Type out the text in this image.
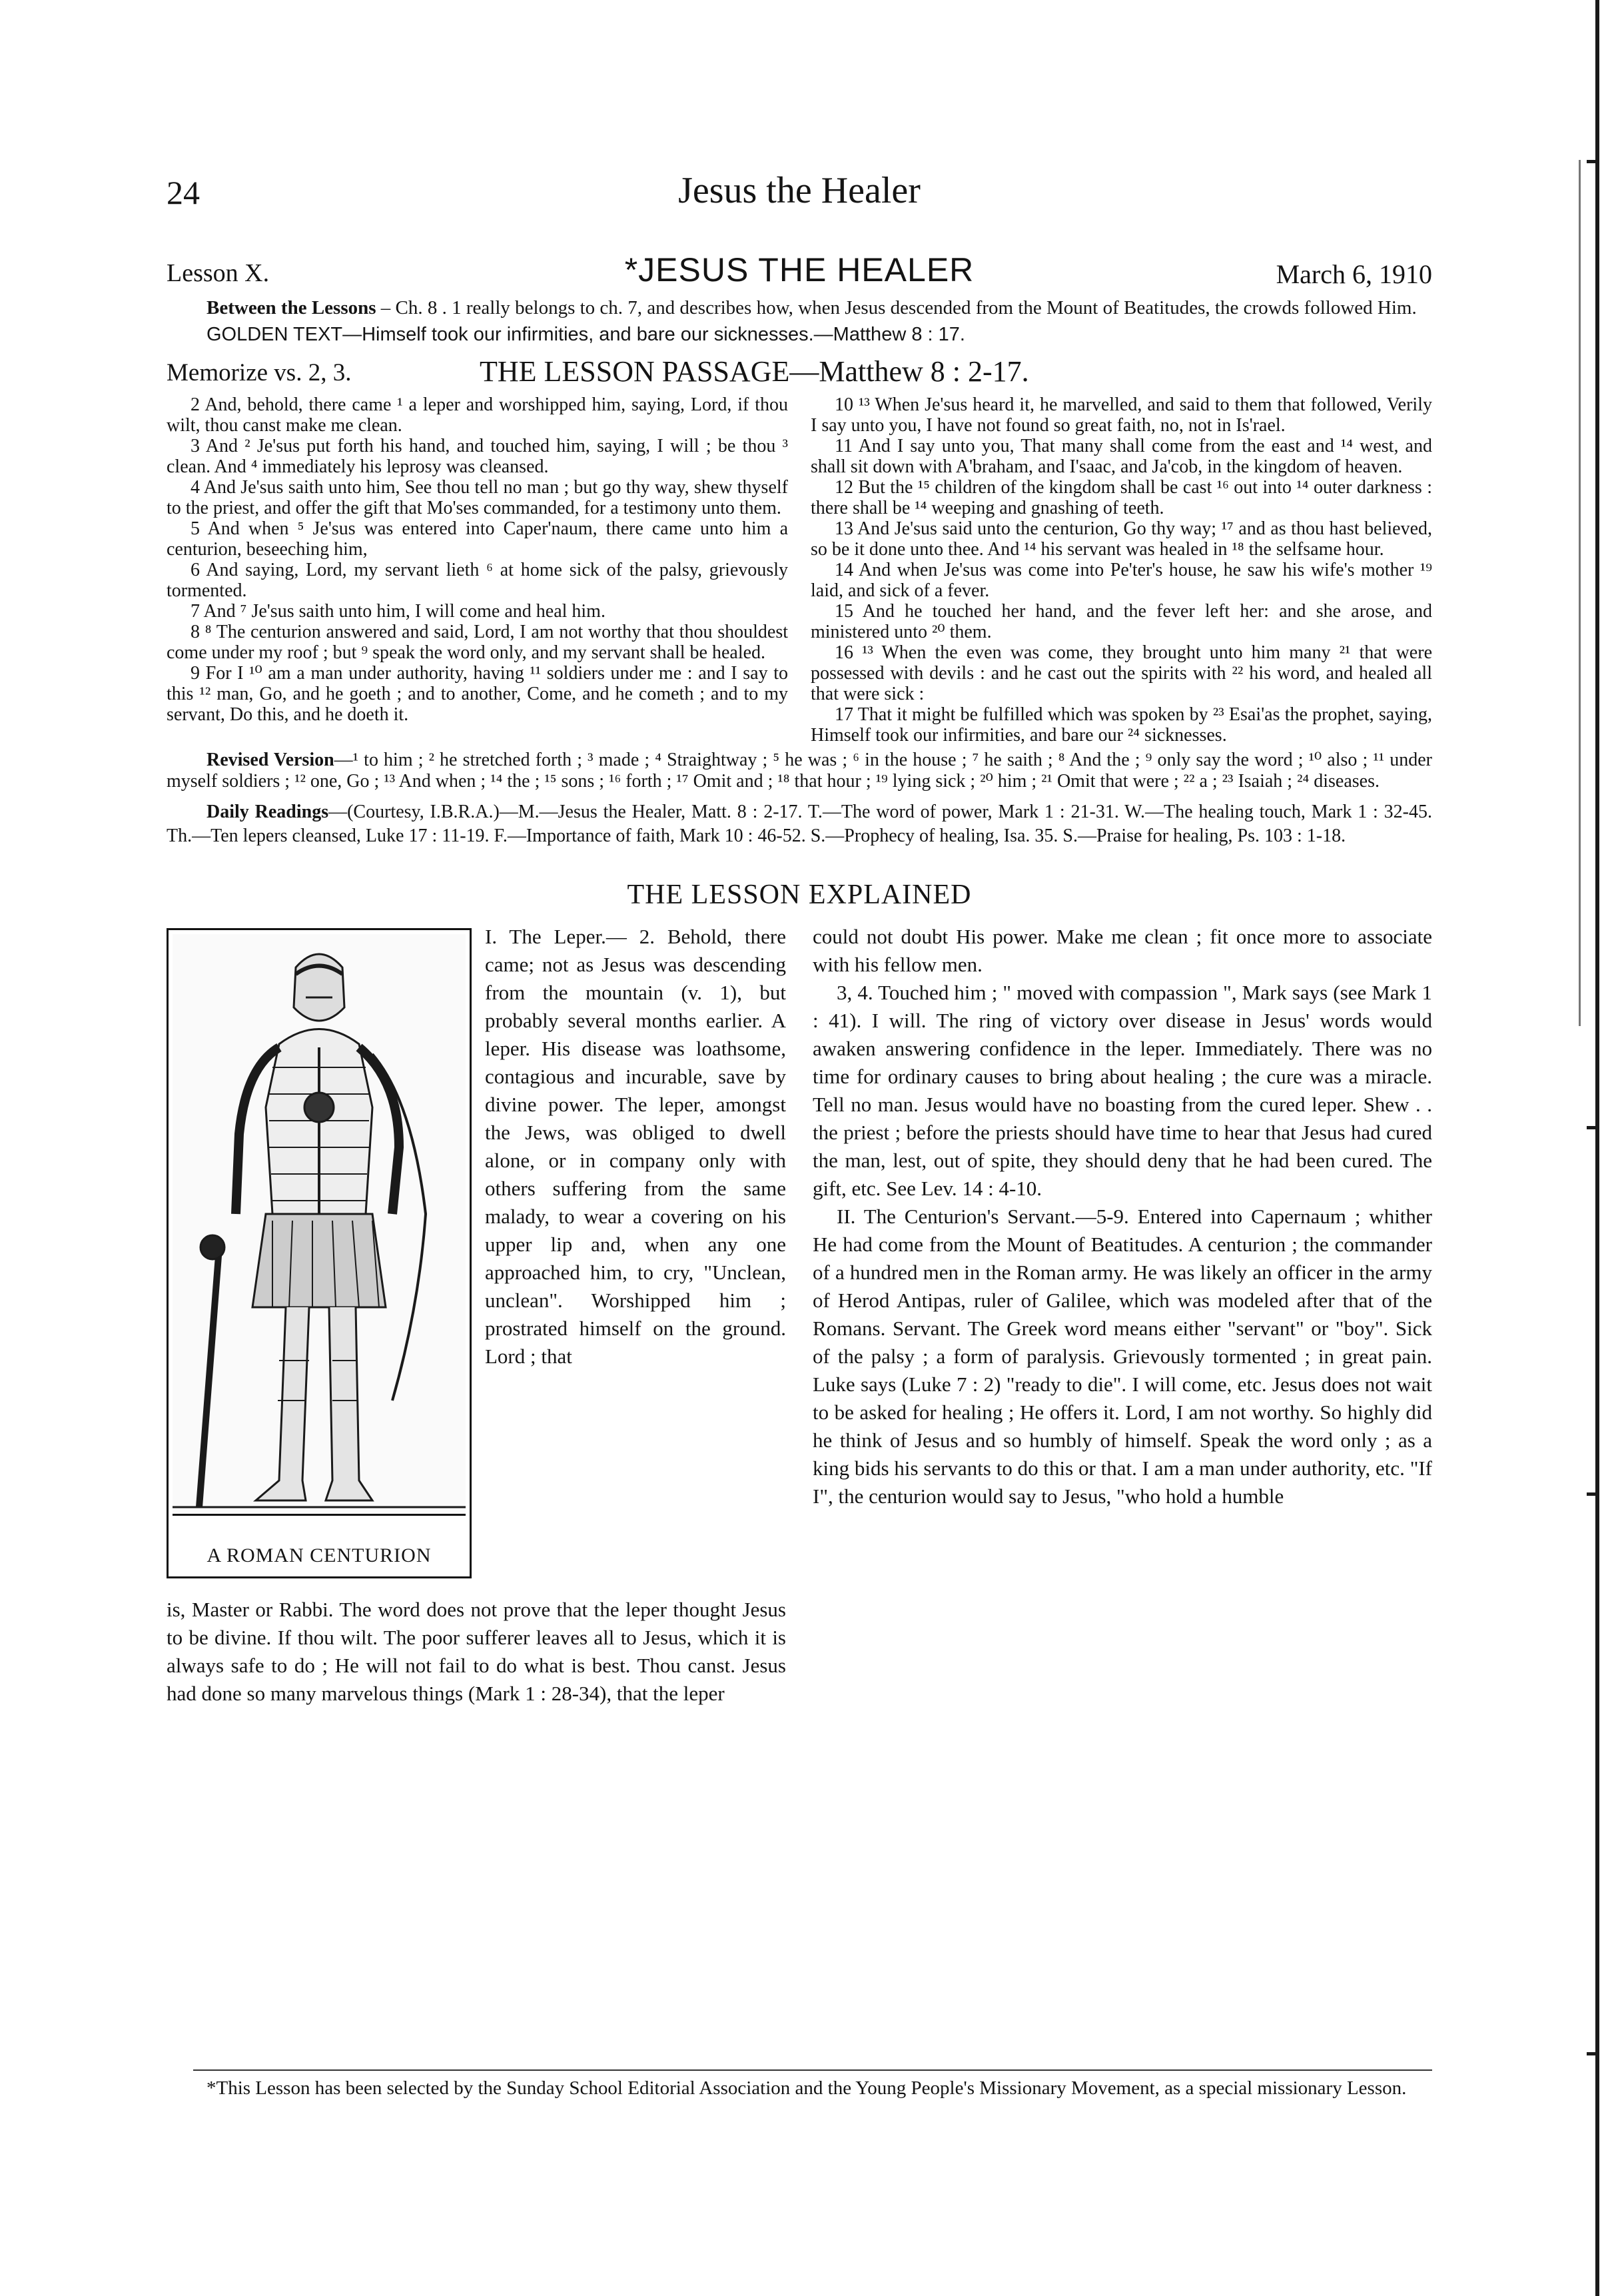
24	Jesus the Healer
Lesson X.	*JESUS THE HEALER	March 6, 1910
Between the Lessons – Ch. 8 . 1 really belongs to ch. 7, and describes how, when Jesus descended from the Mount of Beatitudes, the crowds followed Him.
GOLDEN TEXT—Himself took our infirmities, and bare our sicknesses.—Matthew 8 : 17.
Memorize vs. 2, 3.	THE LESSON PASSAGE—Matthew 8 : 2-17.

2 And, behold, there came ¹ a leper and worshipped him, saying, Lord, if thou wilt, thou canst make me clean.

3 And ² Je'sus put forth his hand, and touched him, saying, I will ; be thou ³ clean. And ⁴ immediately his leprosy was cleansed.

4 And Je'sus saith unto him, See thou tell no man ; but go thy way, shew thyself to the priest, and offer the gift that Mo'ses commanded, for a testimony unto them.

5 And when ⁵ Je'sus was entered into Caper'naum, there came unto him a centurion, beseeching him,

6 And saying, Lord, my servant lieth ⁶ at home sick of the palsy, grievously tormented.

7 And ⁷ Je'sus saith unto him, I will come and heal him.

8 ⁸ The centurion answered and said, Lord, I am not worthy that thou shouldest come under my roof ; but ⁹ speak the word only, and my servant shall be healed.

9 For I ¹⁰ am a man under authority, having ¹¹ soldiers under me : and I say to this ¹² man, Go, and he goeth ; and to another, Come, and he cometh ; and to my servant, Do this, and he doeth it.

10 ¹³ When Je'sus heard it, he marvelled, and said to them that followed, Verily I say unto you, I have not found so great faith, no, not in Is'rael.

11 And I say unto you, That many shall come from the east and ¹⁴ west, and shall sit down with A'braham, and I'saac, and Ja'cob, in the kingdom of heaven.

12 But the ¹⁵ children of the kingdom shall be cast ¹⁶ out into ¹⁴ outer darkness : there shall be ¹⁴ weeping and gnashing of teeth.

13 And Je'sus said unto the centurion, Go thy way; ¹⁷ and as thou hast believed, so be it done unto thee. And ¹⁴ his servant was healed in ¹⁸ the selfsame hour.

14 And when Je'sus was come into Pe'ter's house, he saw his wife's mother ¹⁹ laid, and sick of a fever.

15 And he touched her hand, and the fever left her: and she arose, and ministered unto ²⁰ them.

16 ¹³ When the even was come, they brought unto him many ²¹ that were possessed with devils : and he cast out the spirits with ²² his word, and healed all that were sick :

17 That it might be fulfilled which was spoken by ²³ Esai'as the prophet, saying, Himself took our infirmities, and bare our ²⁴ sicknesses.

Revised Version—¹ to him ; ² he stretched forth ; ³ made ; ⁴ Straightway ; ⁵ he was ; ⁶ in the house ; ⁷ he saith ; ⁸ And the ; ⁹ only say the word ; ¹⁰ also ; ¹¹ under myself soldiers ; ¹² one, Go ; ¹³ And when ; ¹⁴ the ; ¹⁵ sons ; ¹⁶ forth ; ¹⁷ Omit and ; ¹⁸ that hour ; ¹⁹ lying sick ; ²⁰ him ; ²¹ Omit that were ; ²² a ; ²³ Isaiah ; ²⁴ diseases.
Daily Readings—(Courtesy, I.B.R.A.)—M.—Jesus the Healer, Matt. 8 : 2-17. T.—The word of power, Mark 1 : 21-31. W.—The healing touch, Mark 1 : 32-45. Th.—Ten lepers cleansed, Luke 17 : 11-19. F.—Importance of faith, Mark 10 : 46-52. S.—Prophecy of healing, Isa. 35. S.—Praise for healing, Ps. 103 : 1-18.
THE LESSON EXPLAINED
A ROMAN CENTURION

I. The Leper.— 2. Behold, there came; not as Jesus was descending from the mountain (v. 1), but probably several months earlier. A leper. His disease was loathsome, contagious and incurable, save by divine power. The leper, amongst the Jews, was obliged to dwell alone, or in company only with others suffering from the same malady, to wear a covering on his upper lip and, when any one approached him, to cry, "Unclean, unclean". Worshipped him ; prostrated himself on the ground. Lord ; that

is, Master or Rabbi. The word does not prove that the leper thought Jesus to be divine. If thou wilt. The poor sufferer leaves all to Jesus, which it is always safe to do ; He will not fail to do what is best. Thou canst. Jesus had done so many marvelous things (Mark 1 : 28-34), that the leper

could not doubt His power. Make me clean ; fit once more to associate with his fellow men.

3, 4. Touched him ; " moved with compassion ", Mark says (see Mark 1 : 41). I will. The ring of victory over disease in Jesus' words would awaken answering confidence in the leper. Immediately. There was no time for ordinary causes to bring about healing ; the cure was a miracle. Tell no man. Jesus would have no boasting from the cured leper. Shew . . the priest ; before the priests should have time to hear that Jesus had cured the man, lest, out of spite, they should deny that he had been cured. The gift, etc. See Lev. 14 : 4-10.

II. The Centurion's Servant.—5-9. Entered into Capernaum ; whither He had come from the Mount of Beatitudes. A centurion ; the commander of a hundred men in the Roman army. He was likely an officer in the army of Herod Antipas, ruler of Galilee, which was modeled after that of the Romans. Servant. The Greek word means either "servant" or "boy". Sick of the palsy ; a form of paralysis. Grievously tormented ; in great pain. Luke says (Luke 7 : 2) "ready to die". I will come, etc. Jesus does not wait to be asked for healing ; He offers it. Lord, I am not worthy. So highly did he think of Jesus and so humbly of himself. Speak the word only ; as a king bids his servants to do this or that. I am a man under authority, etc. "If I", the centurion would say to Jesus, "who hold a humble

*This Lesson has been selected by the Sunday School Editorial Association and the Young People's Missionary Movement, as a special missionary Lesson.
